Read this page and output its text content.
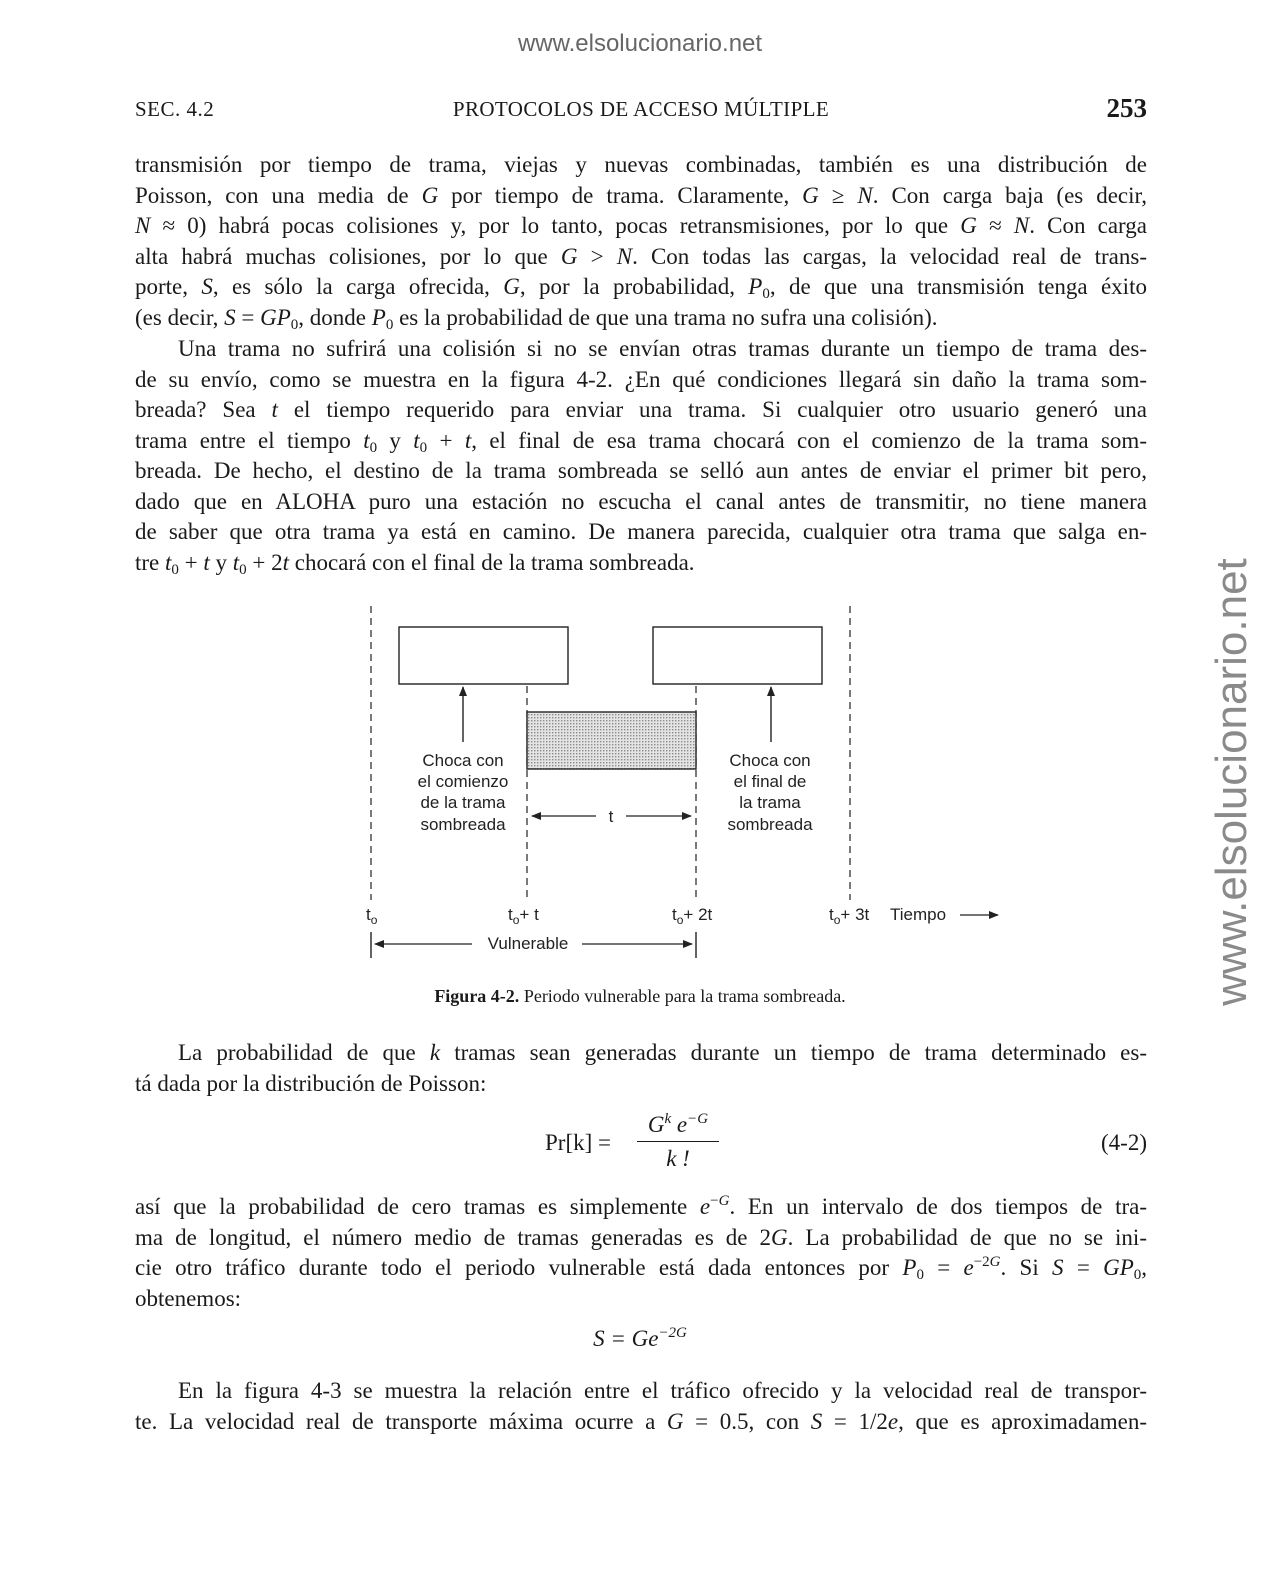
www.elsolucionario.net
www.elsolucionario.net
SEC. 4.2	PROTOCOLOS DE ACCESO MÚLTIPLE	253
transmisión por tiempo de trama, viejas y nuevas combinadas, también es una distribución de
Poisson, con una media de G por tiempo de trama. Claramente, G ≥ N. Con carga baja (es decir,
N ≈ 0) habrá pocas colisiones y, por lo tanto, pocas retransmisiones, por lo que G ≈ N. Con carga
alta habrá muchas colisiones, por lo que G > N. Con todas las cargas, la velocidad real de trans-
porte, S, es sólo la carga ofrecida, G, por la probabilidad, $P_0$, de que una transmisión tenga éxito
(es decir, $S = GP_0$, donde $P_0$ es la probabilidad de que una trama no sufra una colisión).
Una trama no sufrirá una colisión si no se envían otras tramas durante un tiempo de trama des-
de su envío, como se muestra en la figura 4-2. ¿En qué condiciones llegará sin daño la trama som-
breada? Sea t el tiempo requerido para enviar una trama. Si cualquier otro usuario generó una
trama entre el tiempo $t_0$ y $t_0 + t$, el final de esa trama chocará con el comienzo de la trama som-
breada. De hecho, el destino de la trama sombreada se selló aun antes de enviar el primer bit pero,
dado que en ALOHA puro una estación no escucha el canal antes de transmitir, no tiene manera
de saber que otra trama ya está en camino. De manera parecida, cualquier otra trama que salga en-
tre $t_0 + t$ y $t_0 + 2t$ chocará con el final de la trama sombreada.
Choca con
el comienzo
de la trama
sombreada
Choca con
el final de
la trama
sombreada
t
$t_o$	$t_o+ t$	$t_o+ 2t$	$t_o+ 3t$ Tiempo
Vulnerable
Figura 4-2. Periodo vulnerable para la trama sombreada.
La probabilidad de que k tramas sean generadas durante un tiempo de trama determinado es-
tá dada por la distribución de Poisson:
Pr[k] =
$G^k$ $e^{-G}$
k !
(4-2)
así que la probabilidad de cero tramas es simplemente $e^{-G}$. En un intervalo de dos tiempos de tra-
ma de longitud, el número medio de tramas generadas es de 2G. La probabilidad de que no se ini-
cie otro tráfico durante todo el periodo vulnerable está dada entonces por $P_0 = e^{-2G}$. Si $S = GP_0$,
obtenemos:
$S = Ge^{-2G}$
En la figura 4-3 se muestra la relación entre el tráfico ofrecido y la velocidad real de transpor-
te. La velocidad real de transporte máxima ocurre a G = 0.5, con S = 1/2e, que es aproximadamen-
